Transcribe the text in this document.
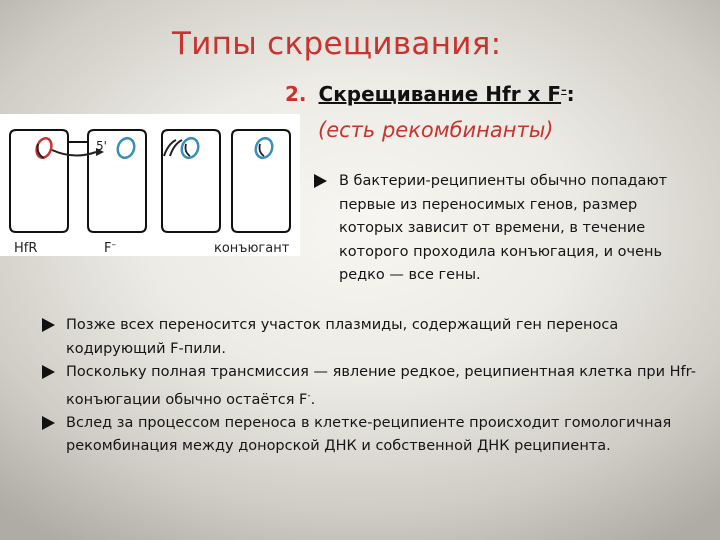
Типы скрещивания:
2. Скрещивание Hfr x F–:
(есть рекомбинанты)
5'
HfR	F–	конъюгант
В бактерии-реципиенты обычно попадают первые из переносимых генов, размер которых зависит от времени, в течение которого проходила конъюгация, и очень редко — все гены.
Позже всех переносится участок плазмиды, содержащий ген переноса кодирующий F-пили.
Поскольку полная трансмиссия — явление редкое, реципиентная клетка при Hfr-конъюгации обычно остаётся F-.
Вслед за процессом переноса в клетке-реципиенте происходит гомологичная рекомбинация между донорской ДНК и собственной ДНК реципиента.
